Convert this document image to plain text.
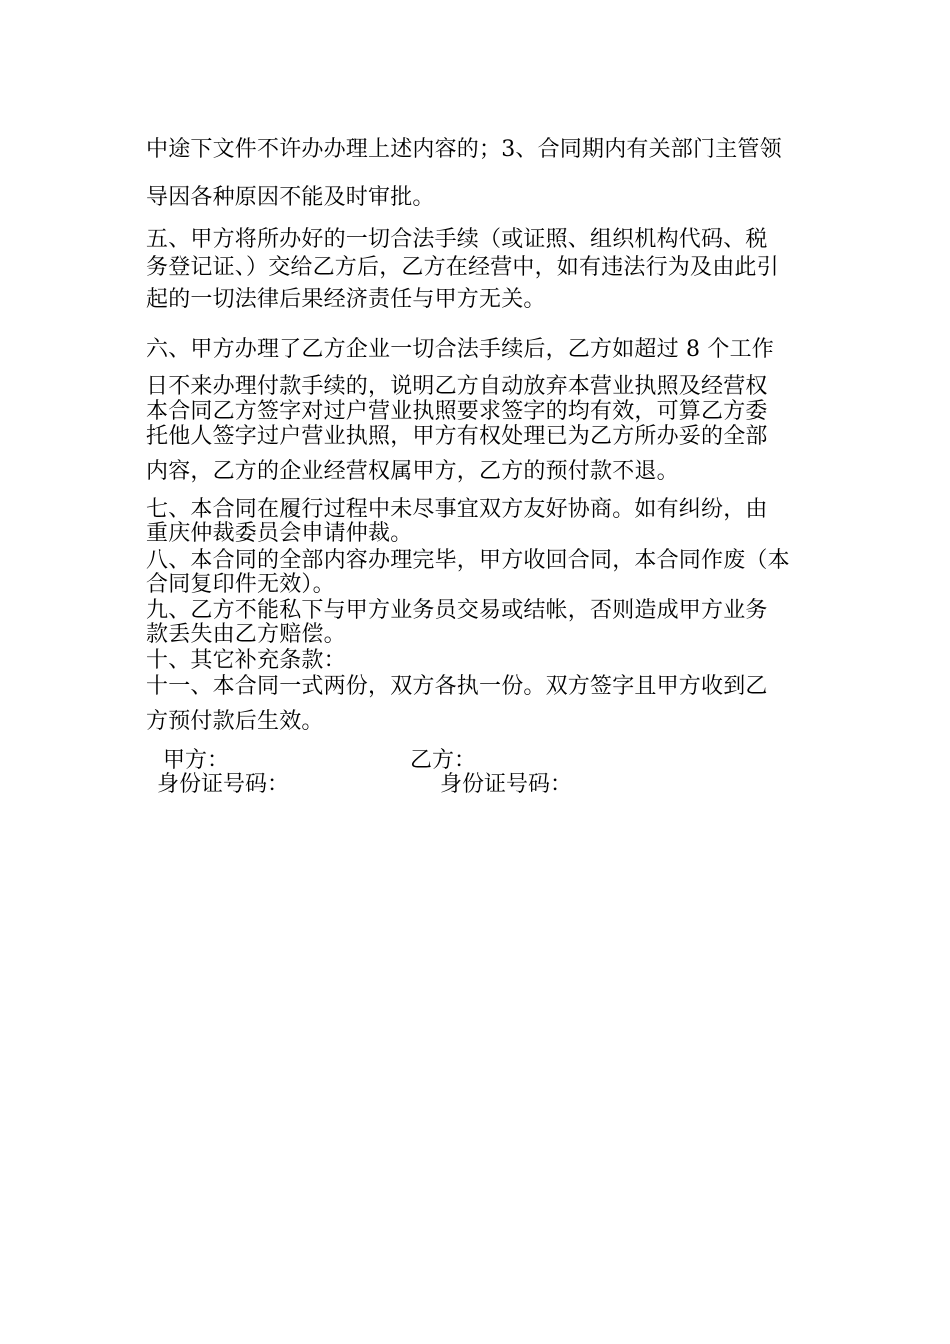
中途下文件不许办办理上述内容的；3、合同期内有关部门主管领
导因各种原因不能及时审批。
五、甲方将所办好的一切合法手续（或证照、组织机构代码、税
务登记证、）交给乙方后，乙方在经营中，如有违法行为及由此引
起的一切法律后果经济责任与甲方无关。
六、甲方办理了乙方企业一切合法手续后，乙方如超过 8 个工作
日不来办理付款手续的，说明乙方自动放弃本营业执照及经营权
本合同乙方签字对过户营业执照要求签字的均有效，可算乙方委
托他人签字过户营业执照，甲方有权处理已为乙方所办妥的全部
内容，乙方的企业经营权属甲方，乙方的预付款不退。
七、本合同在履行过程中未尽事宜双方友好协商。如有纠纷，由
重庆仲裁委员会申请仲裁。
八、本合同的全部内容办理完毕，甲方收回合同，本合同作废（本
合同复印件无效）。
九、乙方不能私下与甲方业务员交易或结帐，否则造成甲方业务
款丢失由乙方赔偿。
十、其它补充条款：
十一、本合同一式两份，双方各执一份。双方签字且甲方收到乙
方预付款后生效。
甲方：	乙方：
身份证号码：	身份证号码：
